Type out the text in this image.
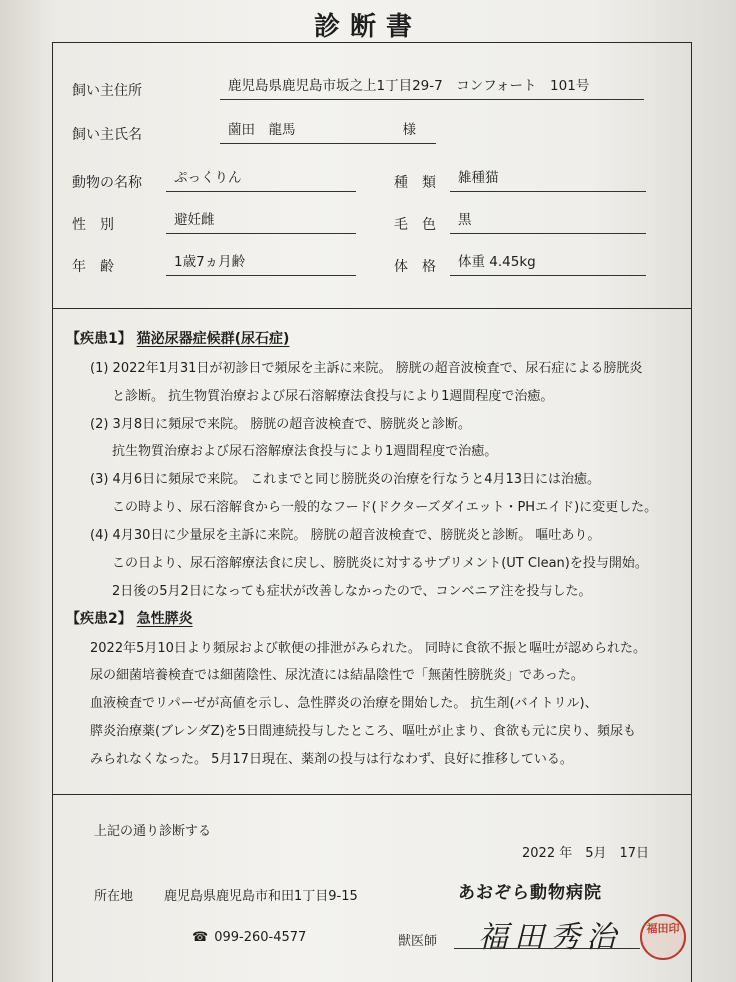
診断書
飼い主住所	鹿児島県鹿児島市坂之上1丁目29-7　コンフォート　101号
飼い主氏名	薗田　龍馬	様
動物の名称	ぷっくりん	種　類	雑種猫
性　別	避妊雌	毛　色	黒
年　齢	1歳7ヵ月齢	体　格	体重 4.45kg
【疾患1】 猫泌尿器症候群(尿石症)
(1) 2022年1月31日が初診日で頻尿を主訴に来院。 膀胱の超音波検査で、尿石症による膀胱炎
と診断。 抗生物質治療および尿石溶解療法食投与により1週間程度で治癒。
(2) 3月8日に頻尿で来院。 膀胱の超音波検査で、膀胱炎と診断。
抗生物質治療および尿石溶解療法食投与により1週間程度で治癒。
(3) 4月6日に頻尿で来院。 これまでと同じ膀胱炎の治療を行なうと4月13日には治癒。
この時より、尿石溶解食から一般的なフード(ドクターズダイエット・PHエイド)に変更した。
(4) 4月30日に少量尿を主訴に来院。 膀胱の超音波検査で、膀胱炎と診断。 嘔吐あり。
この日より、尿石溶解療法食に戻し、膀胱炎に対するサプリメント(UT Clean)を投与開始。
2日後の5月2日になっても症状が改善しなかったので、コンベニア注を投与した。
【疾患2】 急性膵炎
2022年5月10日より頻尿および軟便の排泄がみられた。 同時に食欲不振と嘔吐が認められた。
尿の細菌培養検査では細菌陰性、尿沈渣には結晶陰性で「無菌性膀胱炎」であった。
血液検査でリパーゼが高値を示し、急性膵炎の治療を開始した。 抗生剤(バイトリル)、
膵炎治療薬(ブレンダZ)を5日間連続投与したところ、嘔吐が止まり、食欲も元に戻り、頻尿も
みられなくなった。 5月17日現在、薬剤の投与は行なわず、良好に推移している。
上記の通り診断する
2022 年　5月　17日
所在地 鹿児島県鹿児島市和田1丁目9-15	あおぞら動物病院
☎ 099-260-4577	獣医師 福田秀治	福田印
